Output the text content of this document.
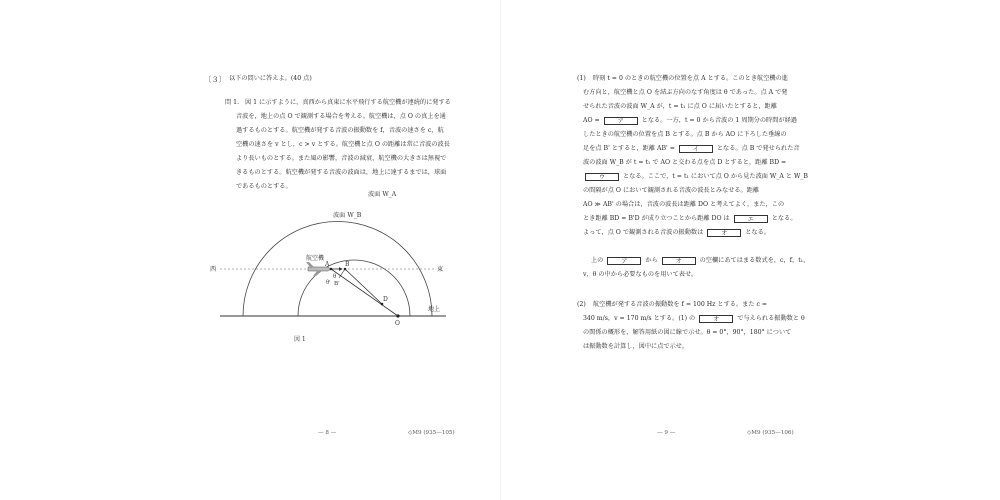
〔３〕 以下の問いに答えよ。(40 点)
問 1. 図 1 に示すように，真西から真東に水平飛行する航空機が連続的に発する
音波を，地上の点 O で観測する場合を考える。航空機は，点 O の真上を通
過するものとする。航空機が発する音波の振動数を f，音波の速さを c，航
空機の速さを v とし，c > v とする。航空機と点 O の距離は常に音波の波長
より長いものとする。また風の影響，音波の減衰，航空機の大きさは無視で
きるものとする。航空機が発する音波の波面は，地上に達するまでは，球面
であるものとする。
波面 W_A
波面 W_B
航空機
西	東
A	B
B'
θ
θ'
D
O
地上
図 1
— 8 —	◇M9 (935—105)
(1) 時刻 t = 0 のときの航空機の位置を点 A とする。このとき航空機の進
む方向と，航空機と点 O を結ぶ方向のなす角度は θ であった。点 A で発
せられた音波の波面 W_A が，t = t₁ に点 O に届いたとすると，距離
AO =	ア	となる。一方，t = 0 から音波の 1 周期分の時間が経過
したときの航空機の位置を点 B とする。点 B から AO に下ろした垂線の
足を点 B' とすると，距離 AB' =	イ	となる。点 B で発せられた音
波の波面 W_B が t = t₁ で AO と交わる点を点 D とすると，距離 BD =
ウ	となる。ここで，t = t₁ において点 O から見た波面 W_A と W_B
の間隔が点 O において観測される音波の波長とみなせる。距離
AO ≫ AB' の場合は，音波の波長は距離 DO と考えてよく，また，この
とき距離 BD ≈ B'D が成り立つことから距離 DO は	エ	となる。
よって，点 O で観測される音波の振動数は	オ	となる。
上の	ア	から	オ	の空欄にあてはまる数式を，c，f，t₁，
v，θ の中から必要なものを用いて表せ。
(2) 航空機が発する音波の振動数を f = 100 Hz とする。また c =
340 m/s，v = 170 m/s とする。(1) の	オ	で与えられる振動数と θ
の関係の概形を，解答用紙の図に線で示せ。θ = 0°，90°，180° について
は振動数を計算し，図中に点で示せ。
— 9 —	◇M9 (935—106)
